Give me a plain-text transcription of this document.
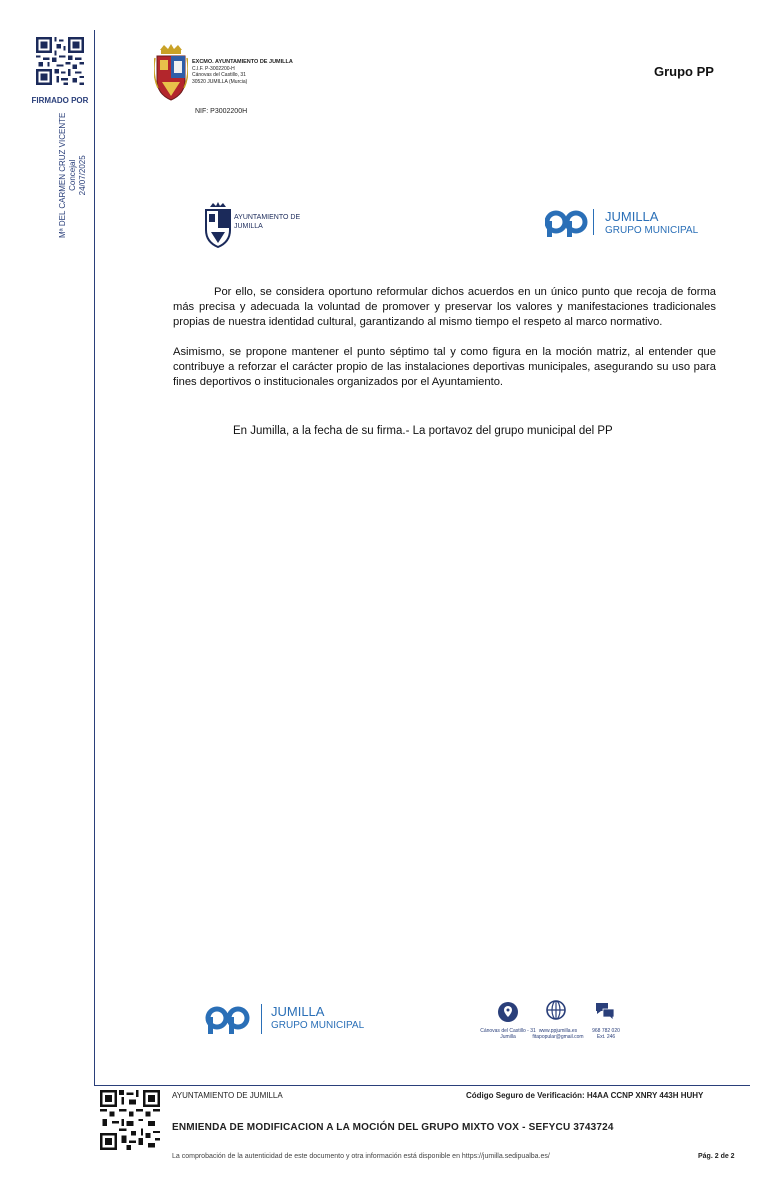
FIRMADO POR
Mª DEL CARMEN CRUZ VICENTE Concejal 24/07/2025
EXCMO. AYUNTAMIENTO DE JUMILLA
C.I.F. P-3002200-H
Cánovas del Castillo, 31
30520 JUMILLA (Murcia)
NIF: P3002200H
Grupo PP
AYUNTAMIENTO DE
JUMILLA
JUMILLA
GRUPO MUNICIPAL
Por ello, se considera oportuno reformular dichos acuerdos en un único punto que recoja de forma más precisa y adecuada la voluntad de promover y preservar los valores y manifestaciones tradicionales propias de nuestra identidad cultural, garantizando al mismo tiempo el respeto al marco normativo.
Asimismo, se propone mantener el punto séptimo tal y como figura en la moción matriz, al entender que contribuye a reforzar el carácter propio de las instalaciones deportivas municipales, asegurando su uso para fines deportivos o institucionales organizados por el Ayuntamiento.
En Jumilla, a la fecha de su firma.- La portavoz del grupo municipal del PP
JUMILLA
GRUPO MUNICIPAL	Cánovas del Castillo - 31
Jumilla
www.ppjumilla.es
fitapopular@gmail.com
968 782 020
Ext. 246
AYUNTAMIENTO DE JUMILLA	Código Seguro de Verificación: H4AA CCNP XNRY 443H HUHY
ENMIENDA DE MODIFICACION A LA MOCIÓN DEL GRUPO MIXTO VOX - SEFYCU 3743724
La comprobación de la autenticidad de este documento y otra información está disponible en https://jumilla.sedipualba.es/	Pág. 2 de 2
